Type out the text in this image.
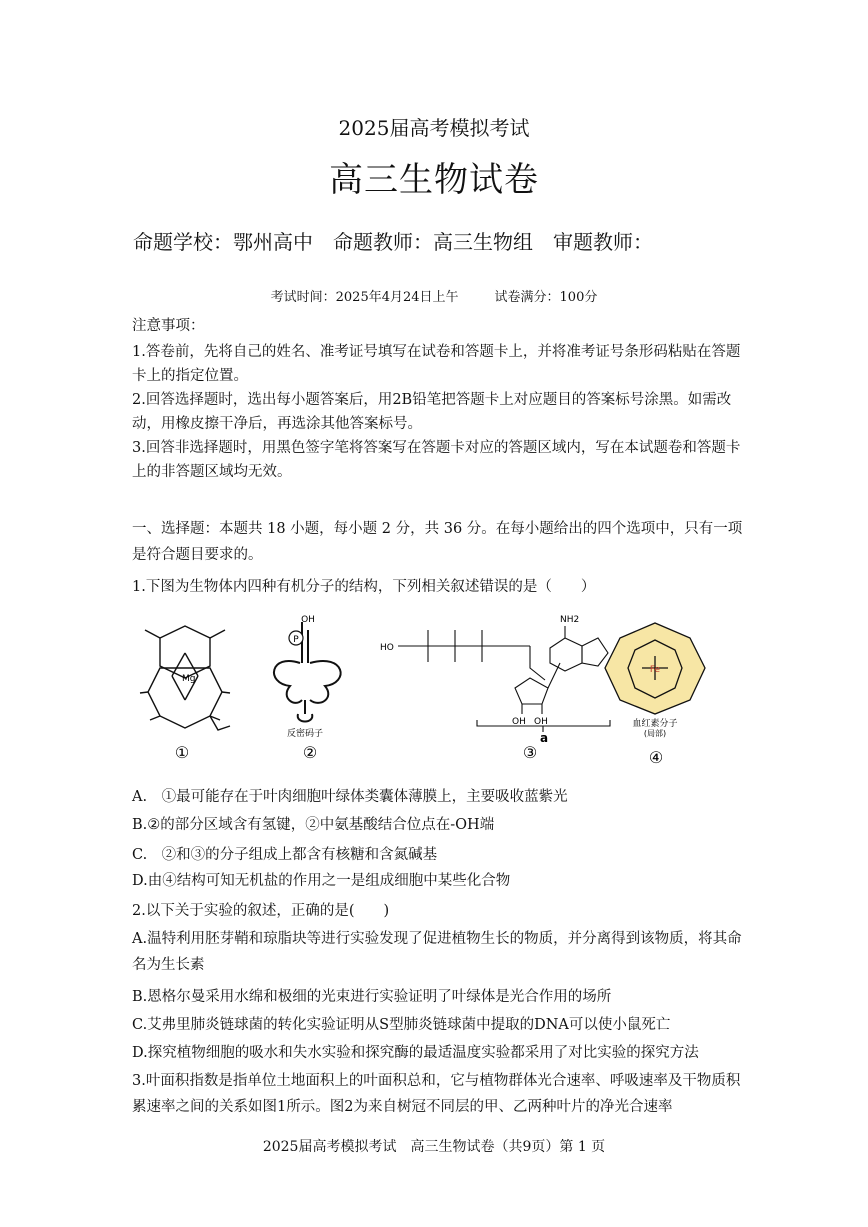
2025届高考模拟考试
高三生物试卷
命题学校：鄂州高中　命题教师：高三生物组　审题教师：
考试时间：2025年4月24日上午	试卷满分：100分
注意事项：
1.答卷前，先将自己的姓名、准考证号填写在试卷和答题卡上，并将准考证号条形码粘贴在答题卡上的指定位置。
2.回答选择题时，选出每小题答案后，用2B铅笔把答题卡上对应题目的答案标号涂黑。如需改动，用橡皮擦干净后，再选涂其他答案标号。
3.回答非选择题时，用黑色签字笔将答案写在答题卡对应的答题区域内，写在本试题卷和答题卡上的非答题区域均无效。
一、选择题：本题共 18 小题，每小题 2 分，共 36 分。在每小题给出的四个选项中，只有一项是符合题目要求的。
1.下图为生物体内四种有机分子的结构，下列相关叙述错误的是（　　）
Mg
①
P
OH
反密码子
②
HO
NH2
OH OH
a
③
Fe
血红素分子
(局部)
④
A.　①最可能存在于叶肉细胞叶绿体类囊体薄膜上，主要吸收蓝紫光
B.②的部分区域含有氢键，②中氨基酸结合位点在-OH端
C.　②和③的分子组成上都含有核糖和含氮碱基
D.由④结构可知无机盐的作用之一是组成细胞中某些化合物
2.以下关于实验的叙述，正确的是(　　)
A.温特利用胚芽鞘和琼脂块等进行实验发现了促进植物生长的物质，并分离得到该物质，将其命名为生长素
B.恩格尔曼采用水绵和极细的光束进行实验证明了叶绿体是光合作用的场所
C.艾弗里肺炎链球菌的转化实验证明从S型肺炎链球菌中提取的DNA可以使小鼠死亡
D.探究植物细胞的吸水和失水实验和探究酶的最适温度实验都采用了对比实验的探究方法
3.叶面积指数是指单位土地面积上的叶面积总和，它与植物群体光合速率、呼吸速率及干物质积累速率之间的关系如图1所示。图2为来自树冠不同层的甲、乙两种叶片的净光合速率
2025届高考模拟考试　高三生物试卷（共9页）第 1 页
